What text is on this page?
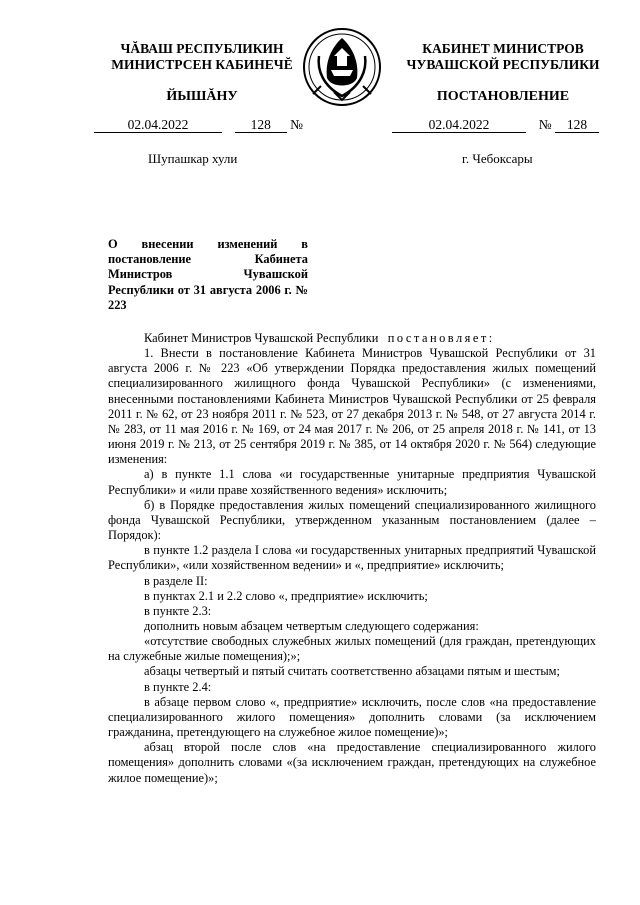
ЧĂВАШ РЕСПУБЛИКИН
МИНИСТРСЕН КАБИНЕЧĔ
КАБИНЕТ МИНИСТРОВ
ЧУВАШСКОЙ РЕСПУБЛИКИ
ЙЫШĂНУ	ПОСТАНОВЛЕНИЕ
02.04.2022	128 №	02.04.2022	№ 128
Шупашкар хули	г. Чебоксары
О внесении изменений в постановление Кабинета Министров Чувашской Республики от 31 августа 2006 г. № 223

Кабинет Министров Чувашской Республики постановляет:

1. Внести в постановление Кабинета Министров Чувашской Республики от 31 августа 2006 г. № 223 «Об утверждении Порядка предоставления жилых помещений специализированного жилищного фонда Чувашской Республики» (с изменениями, внесенными постановлениями Кабинета Министров Чувашской Республики от 25 февраля 2011 г. № 62, от 23 ноября 2011 г. № 523, от 27 декабря 2013 г. № 548, от 27 августа 2014 г. № 283, от 11 мая 2016 г. № 169, от 24 мая 2017 г. № 206, от 25 апреля 2018 г. № 141, от 13 июня 2019 г. № 213, от 25 сентября 2019 г. № 385, от 14 октября 2020 г. № 564) следующие изменения:

а) в пункте 1.1 слова «и государственные унитарные предприятия Чувашской Республики» и «или праве хозяйственного ведения» исключить;

б) в Порядке предоставления жилых помещений специализированного жилищного фонда Чувашской Республики, утвержденном указанным постановлением (далее – Порядок):

в пункте 1.2 раздела I слова «и государственных унитарных предприятий Чувашской Республики», «или хозяйственном ведении» и «, предприятие» исключить;

в разделе II:

в пунктах 2.1 и 2.2 слово «, предприятие» исключить;

в пункте 2.3:

дополнить новым абзацем четвертым следующего содержания:

«отсутствие свободных служебных жилых помещений (для граждан, претендующих на служебные жилые помещения);»;

абзацы четвертый и пятый считать соответственно абзацами пятым и шестым;

в пункте 2.4:

в абзаце первом слово «, предприятие» исключить, после слов «на предоставление специализированного жилого помещения» дополнить словами (за исключением гражданина, претендующего на служебное жилое помещение)»;

абзац второй после слов «на предоставление специализированного жилого помещения» дополнить словами «(за исключением граждан, претендующих на служебное жилое помещение)»;
